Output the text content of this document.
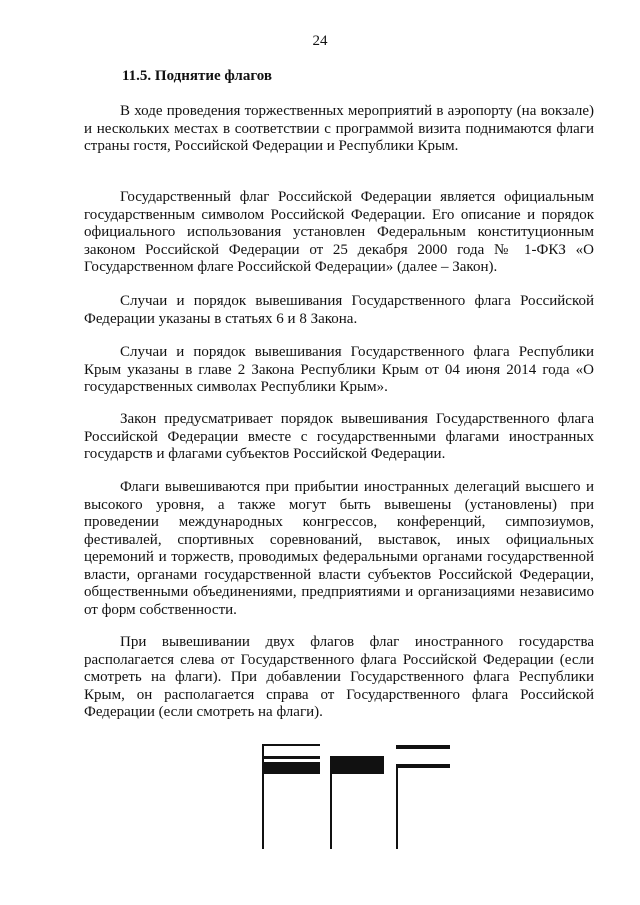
24
11.5. Поднятие флагов

В ходе проведения торжественных мероприятий в аэропорту (на вокзале) и нескольких местах в соответствии с программой визита поднимаются флаги страны гостя, Российской Федерации и Республики Крым.

Государственный флаг Российской Федерации является официальным государственным символом Российской Федерации. Его описание и порядок официального использования установлен Федеральным конституционным законом Российской Федерации от 25 декабря 2000 года № 1-ФКЗ «О Государственном флаге Российской Федерации» (далее – Закон).

Случаи и порядок вывешивания Государственного флага Российской Федерации указаны в статьях 6 и 8 Закона.

Случаи и порядок вывешивания Государственного флага Республики Крым указаны в главе 2 Закона Республики Крым от 04 июня 2014 года «О государственных символах Республики Крым».

Закон предусматривает порядок вывешивания Государственного флага Российской Федерации вместе с государственными флагами иностранных государств и флагами субъектов Российской Федерации.

Флаги вывешиваются при прибытии иностранных делегаций высшего и высокого уровня, а также могут быть вывешены (установлены) при проведении международных конгрессов, конференций, симпозиумов, фестивалей, спортивных соревнований, выставок, иных официальных церемоний и торжеств, проводимых федеральными органами государственной власти, органами государственной власти субъектов Российской Федерации, общественными объединениями, предприятиями и организациями независимо от форм собственности.

При вывешивании двух флагов флаг иностранного государства располагается слева от Государственного флага Российской Федерации (если смотреть на флаги). При добавлении Государственного флага Республики Крым, он располагается справа от Государственного флага Российской Федерации (если смотреть на флаги).
